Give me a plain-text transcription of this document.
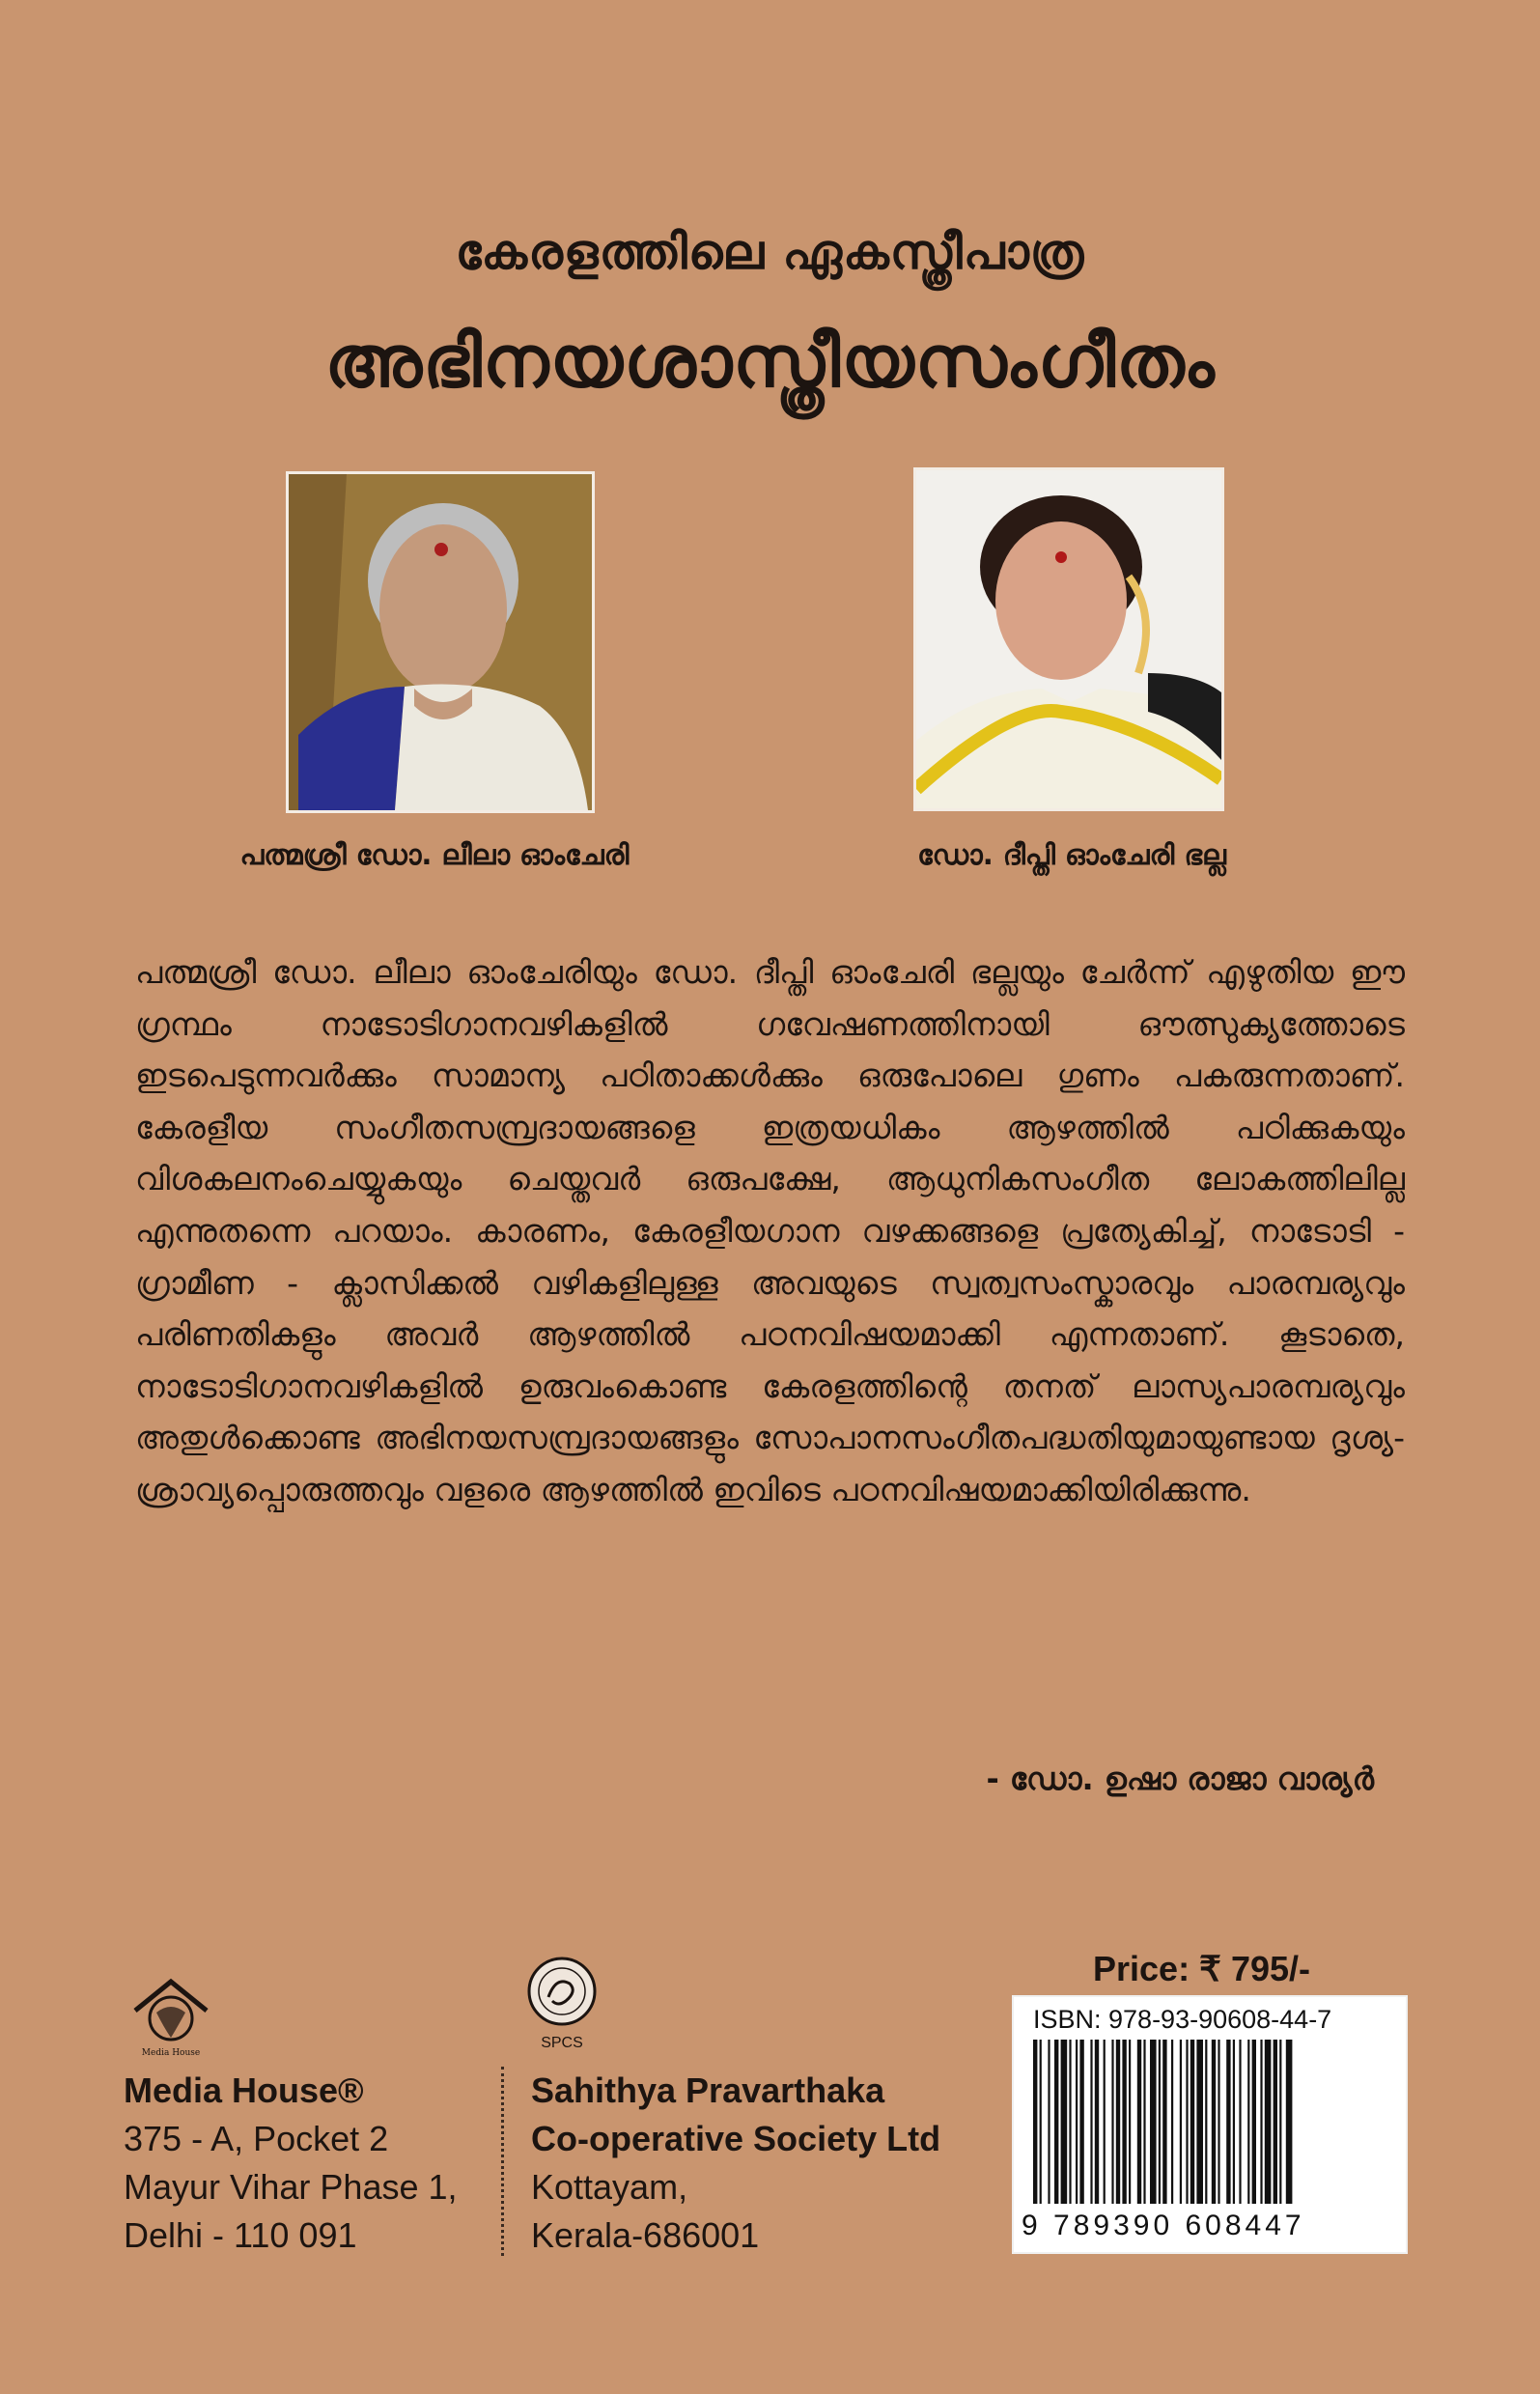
കേരളത്തിലെ ഏകസ്ത്രീപാത്ര
അഭിനയശാസ്ത്രീയസംഗീതം
പത്മശ്രീ ഡോ. ലീലാ ഓംചേരി	ഡോ. ദീപ്തി ഓംചേരി ഭല്ല
പത്മശ്രീ ഡോ. ലീലാ ഓംചേരിയും ഡോ. ദീപ്തി ഓംചേരി ഭല്ലയും ചേർന്ന് എഴുതിയ ഈ ഗ്രന്ഥം നാടോടിഗാനവഴികളിൽ ഗവേഷണത്തിനായി ഔത്സുക്യത്തോടെ ഇടപെടുന്നവർക്കും സാമാന്യ പഠിതാക്കൾക്കും ഒരുപോലെ ഗുണം പകരുന്നതാണ്. കേരളീയ സംഗീതസമ്പ്രദായങ്ങളെ ഇത്രയധികം ആഴത്തിൽ പഠിക്കുകയും വിശകലനംചെയ്യുകയും ചെയ്തവർ ഒരുപക്ഷേ, ആധുനികസംഗീത ലോകത്തിലില്ല എന്നുതന്നെ പറയാം. കാരണം, കേരളീയഗാന വഴക്കങ്ങളെ പ്രത്യേകിച്ച്, നാടോടി - ഗ്രാമീണ - ക്ലാസിക്കൽ വഴികളിലുള്ള അവയുടെ സ്വത്വസംസ്കാരവും പാരമ്പര്യവും പരിണതികളും അവർ ആഴത്തിൽ പഠനവിഷയമാക്കി എന്നതാണ്. കൂടാതെ, നാടോടിഗാനവഴികളിൽ ഉരുവംകൊണ്ട കേരളത്തിന്റെ തനത് ലാസ്യപാരമ്പര്യവും അതുൾക്കൊണ്ട അഭിനയസമ്പ്രദായങ്ങളും സോപാനസംഗീതപദ്ധതിയുമായുണ്ടായ ദൃശ്യ-ശ്രാവ്യപ്പൊരുത്തവും വളരെ ആഴത്തിൽ ഇവിടെ പഠനവിഷയമാക്കിയിരിക്കുന്നു.
- ഡോ. ഉഷാ രാജാ വാര്യർ
Price: ₹ 795/-
ISBN: 978-93-90608-44-7
9 789390 608447
Media House
SPCS
Media House®
375 - A, Pocket 2
Mayur Vihar Phase 1,
Delhi - 110 091
Sahithya Pravarthaka
Co-operative Society Ltd
Kottayam,
Kerala-686001
